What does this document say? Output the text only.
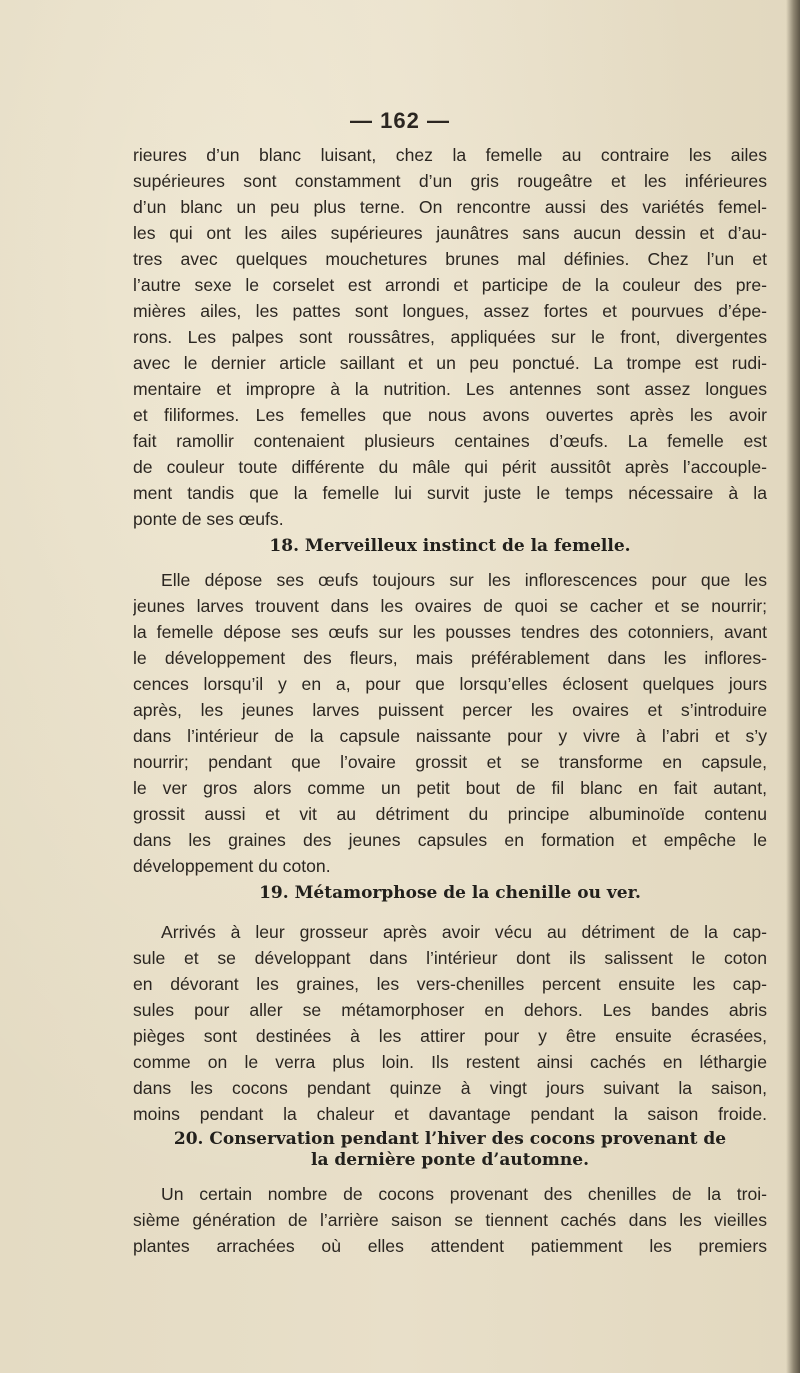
— 162 —
rieures d’un blanc luisant, chez la femelle au contraire les ailes
supérieures sont constamment d’un gris rougeâtre et les inférieures
d’un blanc un peu plus terne. On rencontre aussi des variétés femel-
les qui ont les ailes supérieures jaunâtres sans aucun dessin et d’au-
tres avec quelques mouchetures brunes mal définies. Chez l’un et
l’autre sexe le corselet est arrondi et participe de la couleur des pre-
mières ailes, les pattes sont longues, assez fortes et pourvues d’épe-
rons. Les palpes sont roussâtres, appliquées sur le front, divergentes
avec le dernier article saillant et un peu ponctué. La trompe est rudi-
mentaire et impropre à la nutrition. Les antennes sont assez longues
et filiformes. Les femelles que nous avons ouvertes après les avoir
fait ramollir contenaient plusieurs centaines d’œufs. La femelle est
de couleur toute différente du mâle qui périt aussitôt après l’accouple-
ment tandis que la femelle lui survit juste le temps nécessaire à la
ponte de ses œufs.
18. Merveilleux instinct de la femelle.
Elle dépose ses œufs toujours sur les inflorescences pour que les
jeunes larves trouvent dans les ovaires de quoi se cacher et se nourrir;
la femelle dépose ses œufs sur les pousses tendres des cotonniers, avant
le développement des fleurs, mais préférablement dans les inflores-
cences lorsqu’il y en a, pour que lorsqu’elles éclosent quelques jours
après, les jeunes larves puissent percer les ovaires et s’introduire
dans l’intérieur de la capsule naissante pour y vivre à l’abri et s’y
nourrir; pendant que l’ovaire grossit et se transforme en capsule,
le ver gros alors comme un petit bout de fil blanc en fait autant,
grossit aussi et vit au détriment du principe albuminoïde contenu
dans les graines des jeunes capsules en formation et empêche le
développement du coton.
19. Métamorphose de la chenille ou ver.
Arrivés à leur grosseur après avoir vécu au détriment de la cap-
sule et se développant dans l’intérieur dont ils salissent le coton
en dévorant les graines, les vers-chenilles percent ensuite les cap-
sules pour aller se métamorphoser en dehors. Les bandes abris
pièges sont destinées à les attirer pour y être ensuite écrasées,
comme on le verra plus loin. Ils restent ainsi cachés en léthargie
dans les cocons pendant quinze à vingt jours suivant la saison,
moins pendant la chaleur et davantage pendant la saison froide.
20. Conservation pendant l’hiver des cocons provenant de
la dernière ponte d’automne.
Un certain nombre de cocons provenant des chenilles de la troi-
sième génération de l’arrière saison se tiennent cachés dans les vieilles
plantes arrachées où elles attendent patiemment les premiers
